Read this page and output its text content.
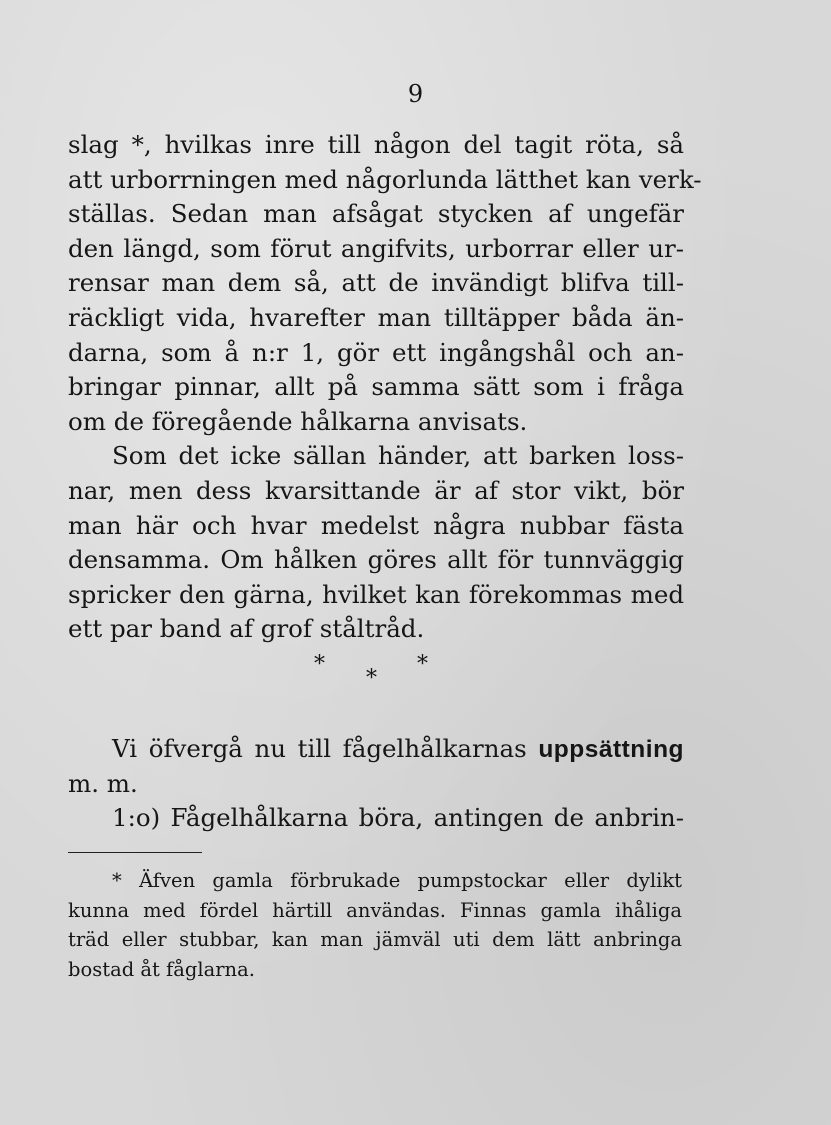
9
slag *, hvilkas inre till någon del tagit röta, så
att urborrningen med någorlunda lätthet kan verk-
ställas. Sedan man afsågat stycken af ungefär
den längd, som förut angifvits, urborrar eller ur-
rensar man dem så, att de invändigt blifva till-
räckligt vida, hvarefter man tilltäpper båda än-
darna, som å n:r 1, gör ett ingångshål och an-
bringar pinnar, allt på samma sätt som i fråga
om de föregående hålkarna anvisats.
Som det icke sällan händer, att barken loss-
nar, men dess kvarsittande är af stor vikt, bör
man här och hvar medelst några nubbar fästa
densamma. Om hålken göres allt för tunnväggig
spricker den gärna, hvilket kan förekommas med
ett par band af grof ståltråd.
*	*
*
Vi öfvergå nu till fågelhålkarnas uppsättning
m. m.
1:o) Fågelhålkarna böra, antingen de anbrin-
* Äfven gamla förbrukade pumpstockar eller dylikt
kunna med fördel härtill användas. Finnas gamla ihåliga
träd eller stubbar, kan man jämväl uti dem lätt anbringa
bostad åt fåglarna.
